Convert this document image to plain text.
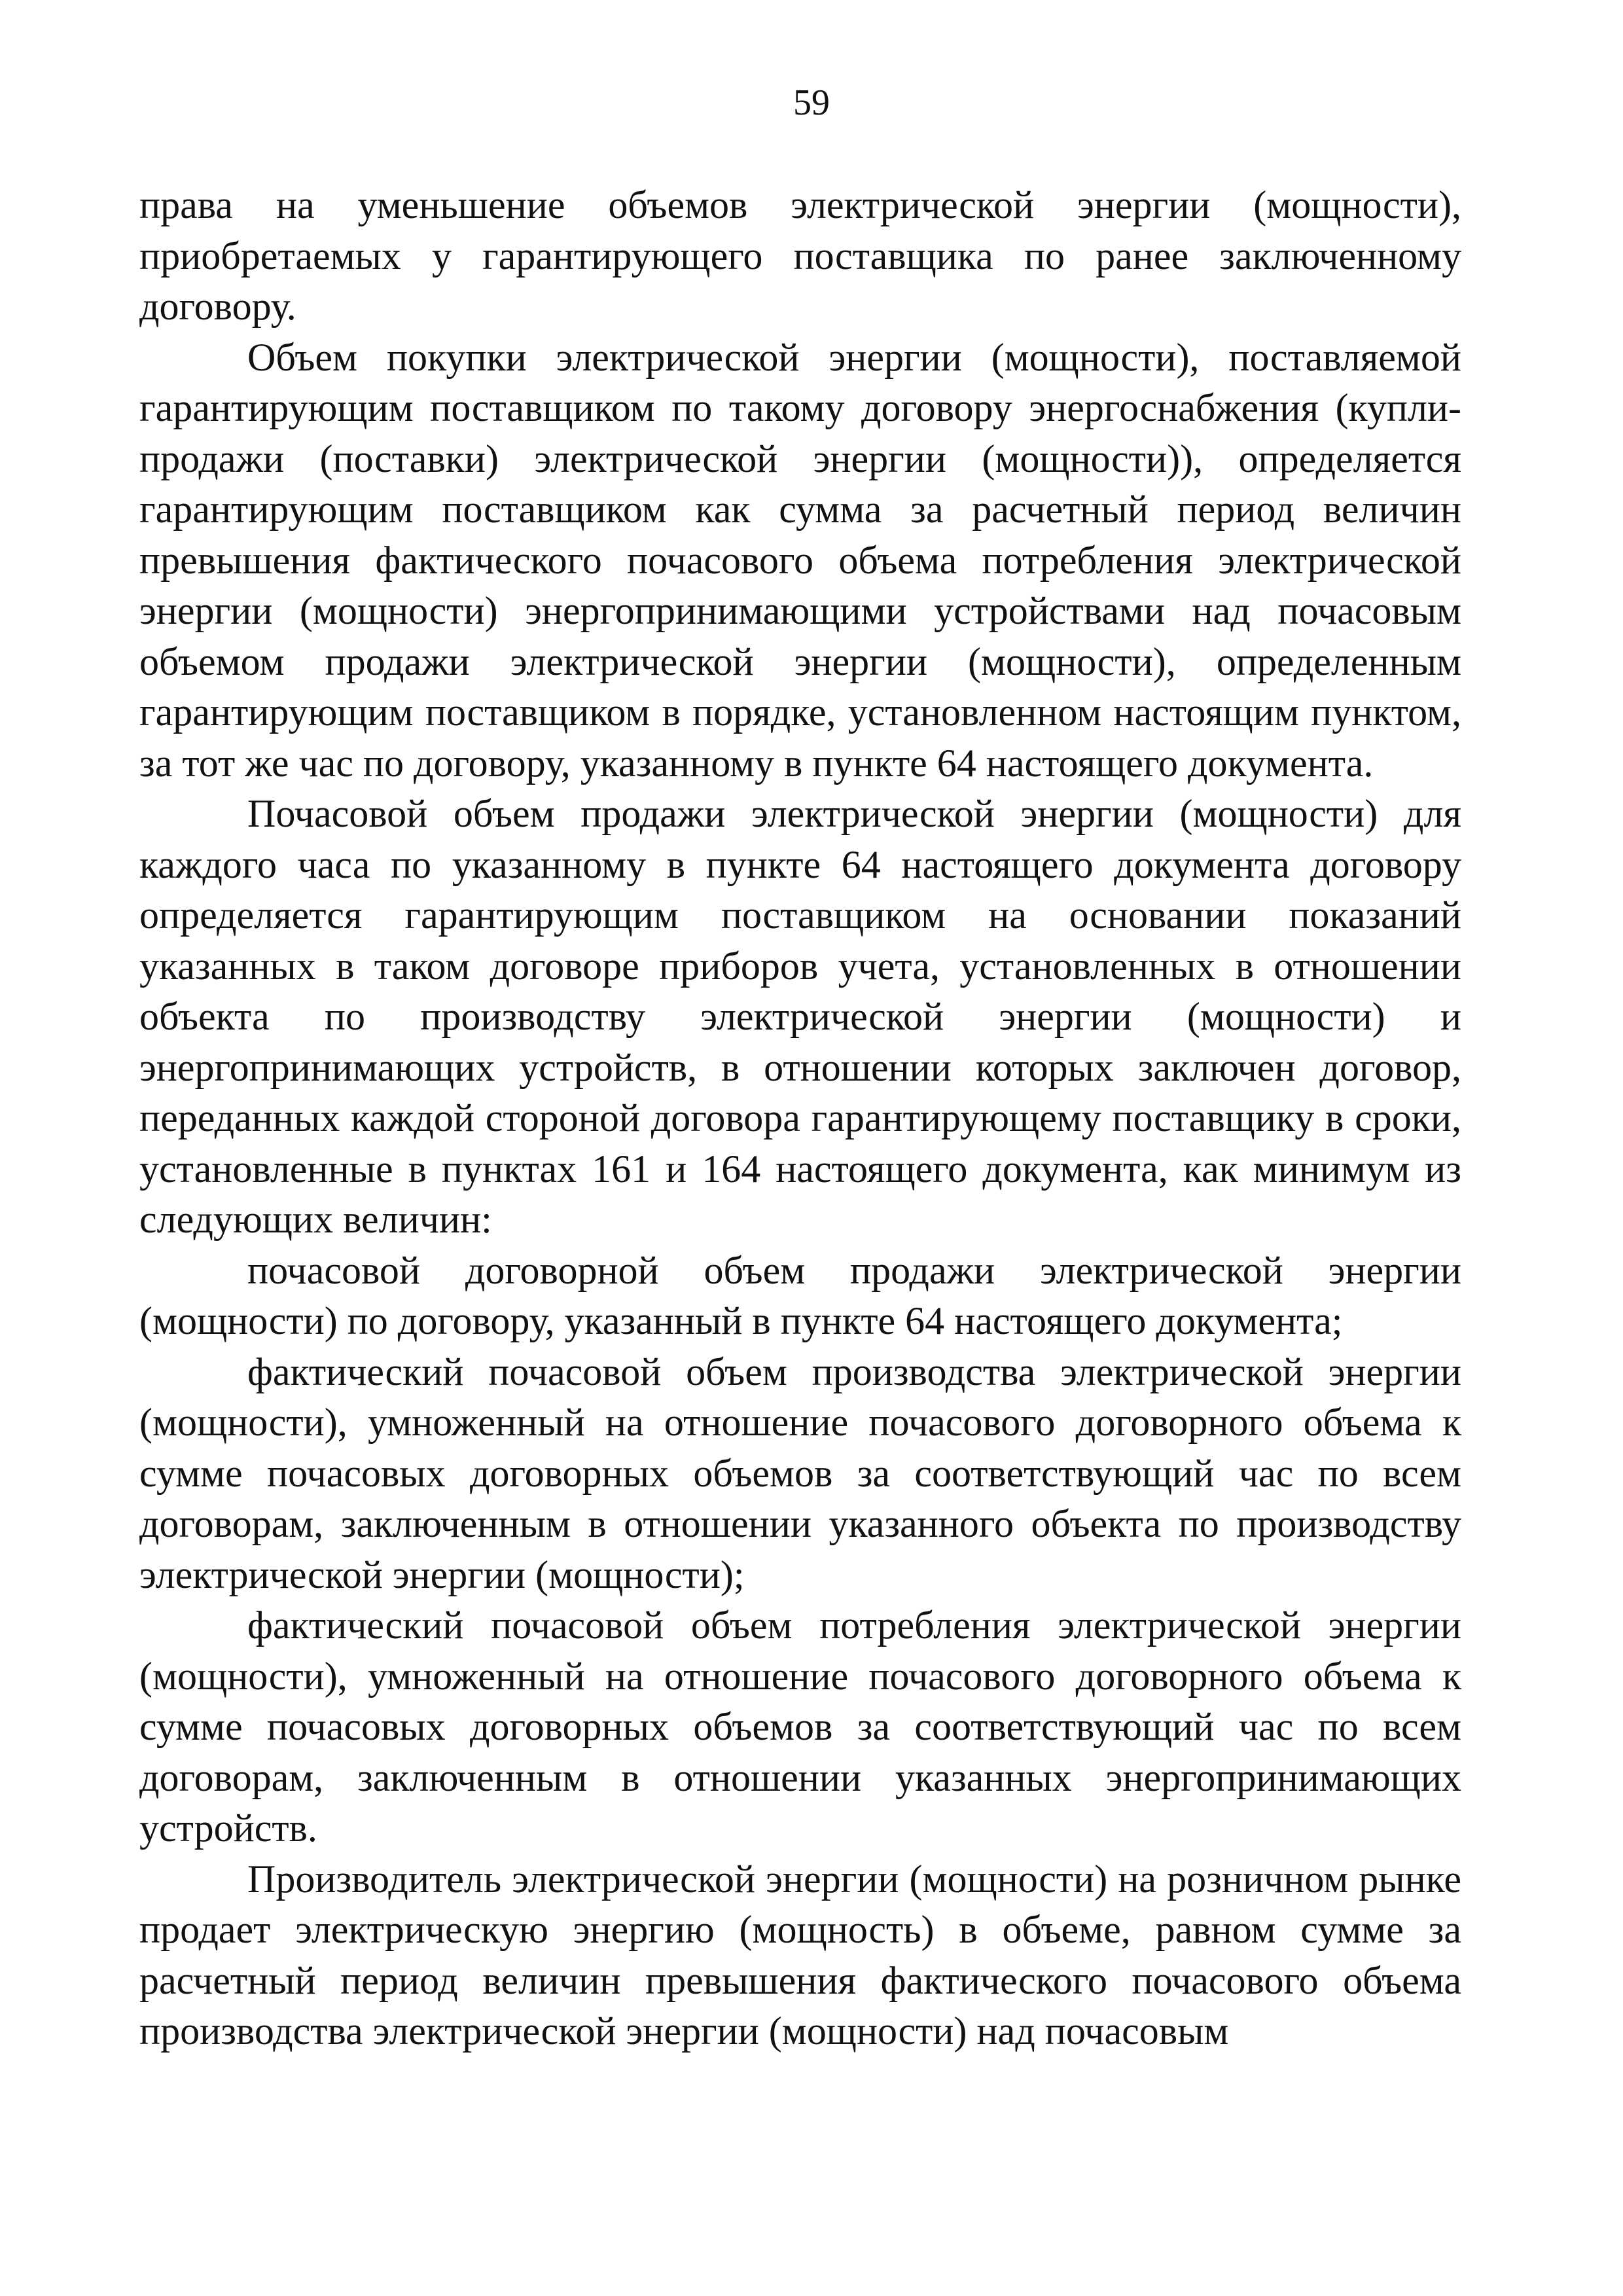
59

права на уменьшение объемов электрической энергии (мощности), приобретаемых у гарантирующего поставщика по ранее заключенному договору.

Объем покупки электрической энергии (мощности), поставляемой гарантирующим поставщиком по такому договору энергоснабжения (купли-продажи (поставки) электрической энергии (мощности)), определяется гарантирующим поставщиком как сумма за расчетный период величин превышения фактического почасового объема потребления электрической энергии (мощности) энергопринимающими устройствами над почасовым объемом продажи электрической энергии (мощности), определенным гарантирующим поставщиком в порядке, установленном настоящим пунктом, за тот же час по договору, указанному в пункте 64 настоящего документа.

Почасовой объем продажи электрической энергии (мощности) для каждого часа по указанному в пункте 64 настоящего документа договору определяется гарантирующим поставщиком на основании показаний указанных в таком договоре приборов учета, установленных в отношении объекта по производству электрической энергии (мощности) и энергопринимающих устройств, в отношении которых заключен договор, переданных каждой стороной договора гарантирующему поставщику в сроки, установленные в пунктах 161 и 164 настоящего документа, как минимум из следующих величин:

почасовой договорной объем продажи электрической энергии (мощности) по договору, указанный в пункте 64 настоящего документа;

фактический почасовой объем производства электрической энергии (мощности), умноженный на отношение почасового договорного объема к сумме почасовых договорных объемов за соответствующий час по всем договорам, заключенным в отношении указанного объекта по производству электрической энергии (мощности);

фактический почасовой объем потребления электрической энергии (мощности), умноженный на отношение почасового договорного объема к сумме почасовых договорных объемов за соответствующий час по всем договорам, заключенным в отношении указанных энергопринимающих устройств.

Производитель электрической энергии (мощности) на розничном рынке продает электрическую энергию (мощность) в объеме, равном сумме за расчетный период величин превышения фактического почасового объема производства электрической энергии (мощности) над почасовым
